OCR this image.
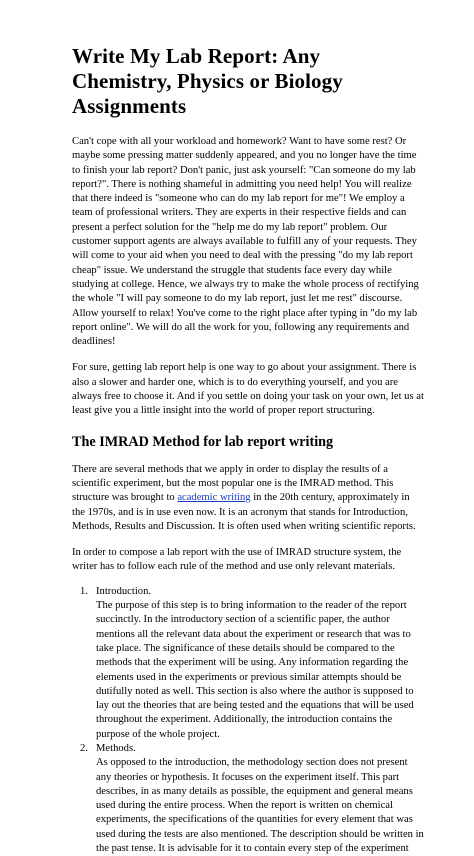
Write My Lab Report: Any Chemistry, Physics or Biology Assignments

Can't cope with all your workload and homework? Want to have some rest? Or maybe some pressing matter suddenly appeared, and you no longer have the time to finish your lab report? Don't panic, just ask yourself: "Can someone do my lab report?". There is nothing shameful in admitting you need help! You will realize that there indeed is "someone who can do my lab report for me"! We employ a team of professional writers. They are experts in their respective fields and can present a perfect solution for the "help me do my lab report" problem. Our customer support agents are always available to fulfill any of your requests. They will come to your aid when you need to deal with the pressing "do my lab report cheap" issue. We understand the struggle that students face every day while studying at college. Hence, we always try to make the whole process of rectifying the whole "I will pay someone to do my lab report, just let me rest" discourse. Allow yourself to relax! You've come to the right place after typing in "do my lab report online". We will do all the work for you, following any requirements and deadlines!

For sure, getting lab report help is one way to go about your assignment. There is also a slower and harder one, which is to do everything yourself, and you are always free to choose it. And if you settle on doing your task on your own, let us at least give you a little insight into the world of proper report structuring.

The IMRAD Method for lab report writing

There are several methods that we apply in order to display the results of a scientific experiment, but the most popular one is the IMRAD method. This structure was brought to academic writing in the 20th century, approximately in the 1970s, and is in use even now. It is an acronym that stands for Introduction, Methods, Results and Discussion. It is often used when writing scientific reports.

In order to compose a lab report with the use of IMRAD structure system, the writer has to follow each rule of the method and use only relevant materials.

1. Introduction.

The purpose of this step is to bring information to the reader of the report succinctly. In the introductory section of a scientific paper, the author mentions all the relevant data about the experiment or research that was to take place. The significance of these details should be compared to the methods that the experiment will be using. Any information regarding the elements used in the experiments or previous similar attempts should be dutifully noted as well. This section is also where the author is supposed to lay out the theories that are being tested and the equations that will be used throughout the experiment. Additionally, the introduction contains the purpose of the whole project.

2. Methods.

As opposed to the introduction, the methodology section does not present any theories or hypothesis. It focuses on the experiment itself. This part describes, in as many details as possible, the equipment and general means used during the entire process. When the report is written on chemical experiments, the specifications of the quantities for every element that was used during the tests are also mentioned. The description should be written in the past tense. It is advisable for it to contain every step of the experiment
